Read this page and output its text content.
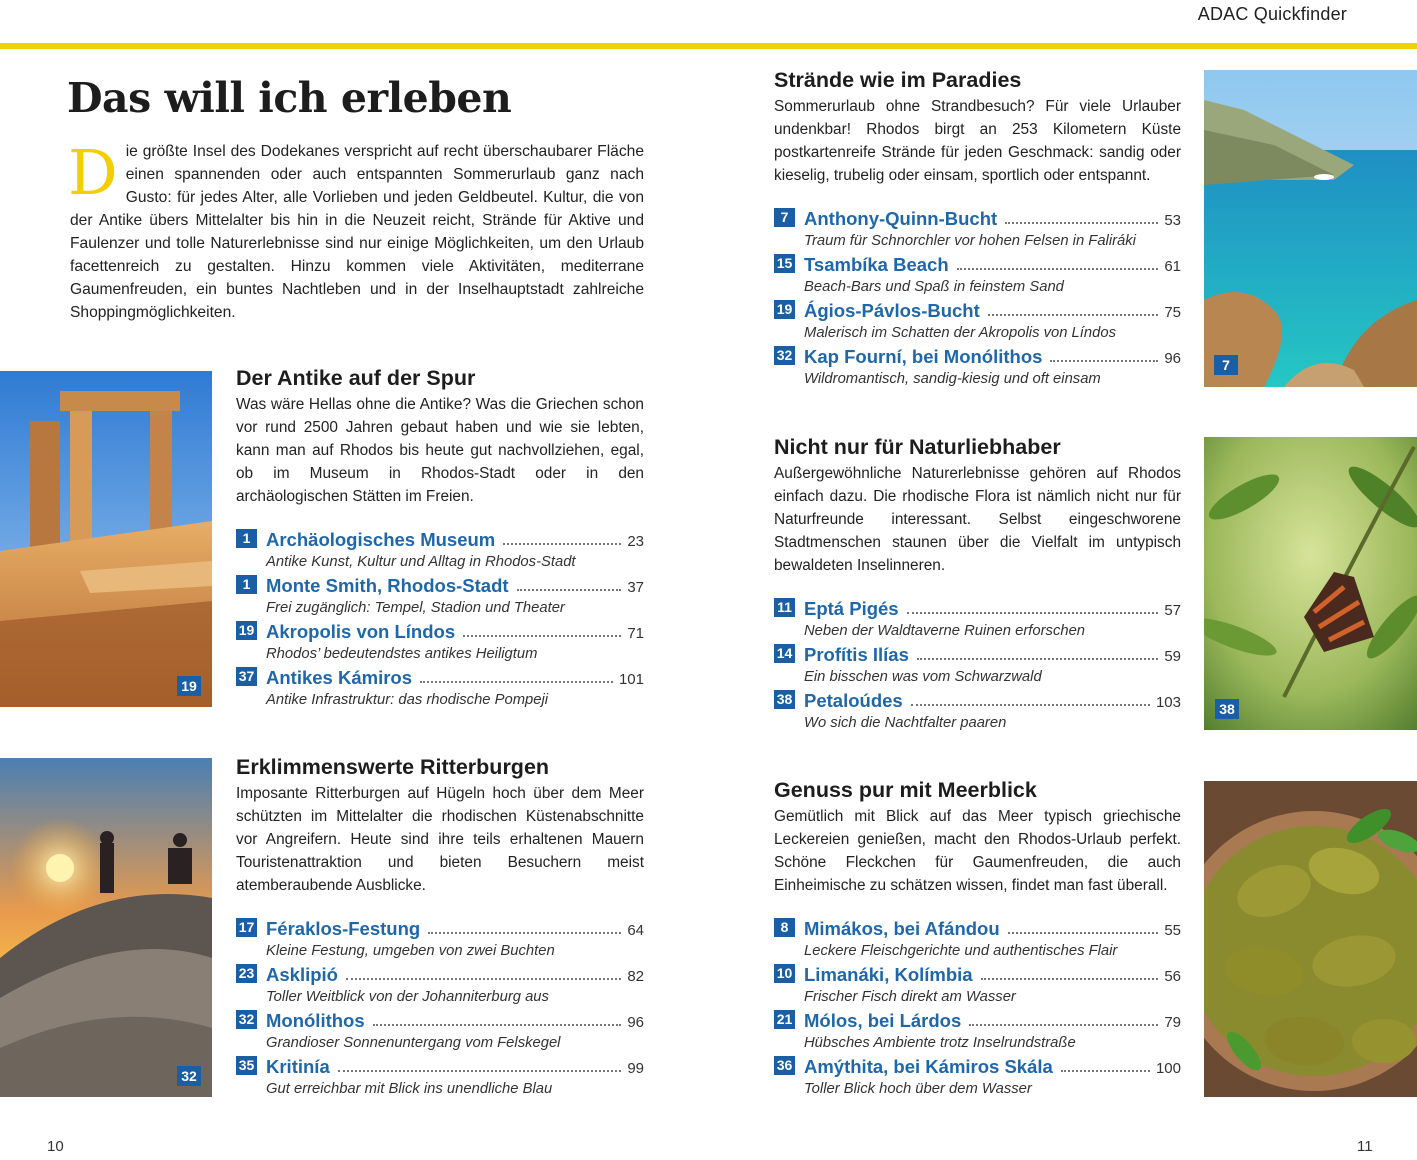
ADAC Quickfinder
Das will ich erleben
Die größte Insel des Dodekanes verspricht auf recht überschaubarer Fläche einen spannenden oder auch entspannten Sommerurlaub ganz nach Gusto: für jedes Alter, alle Vorlieben und jeden Geldbeutel. Kultur, die von der Antike übers Mittelalter bis hin in die Neuzeit reicht, Strände für Aktive und Faulenzer und tolle Naturerlebnisse sind nur einige Möglichkeiten, um den Urlaub facettenreich zu gestalten. Hinzu kommen viele Aktivitäten, mediterrane Gaumenfreuden, ein buntes Nachtleben und in der Inselhauptstadt zahlreiche Shoppingmöglichkeiten.
19
Der Antike auf der Spur
Was wäre Hellas ohne die Antike? Was die Griechen schon vor rund 2500 Jahren gebaut haben und wie sie lebten, kann man auf Rhodos bis heute gut nachvollziehen, egal, ob im Museum in Rhodos-Stadt oder in den archäologischen Stätten im Freien.
1 Archäologisches Museum	23
Antike Kunst, Kultur und Alltag in Rhodos-Stadt
1 Monte Smith, Rhodos-Stadt	37
Frei zugänglich: Tempel, Stadion und Theater
19 Akropolis von Líndos	71
Rhodos’ bedeutendstes antikes Heiligtum
37 Antikes Kámiros	101
Antike Infrastruktur: das rhodische Pompeji
32
Erklimmenswerte Ritterburgen
Imposante Ritterburgen auf Hügeln hoch über dem Meer schützten im Mittelalter die rhodischen Küstenabschnitte vor Angreifern. Heute sind ihre teils erhaltenen Mauern Touristenattraktion und bieten Besuchern meist atemberaubende Ausblicke.
17 Féraklos-Festung	64
Kleine Festung, umgeben von zwei Buchten
23 Asklipió	82
Toller Weitblick von der Johanniterburg aus
32 Monólithos	96
Grandioser Sonnenuntergang vom Felskegel
35 Kritinía	99
Gut erreichbar mit Blick ins unendliche Blau
Strände wie im Paradies
Sommerurlaub ohne Strandbesuch? Für viele Urlauber undenkbar! Rhodos birgt an 253 Kilometern Küste postkartenreife Strände für jeden Geschmack: sandig oder kieselig, trubelig oder einsam, sportlich oder entspannt.
7 Anthony-Quinn-Bucht	53
Traum für Schnorchler vor hohen Felsen in Faliráki
15 Tsambíka Beach	61
Beach-Bars und Spaß in feinstem Sand
19 Ágios-Pávlos-Bucht	75
Malerisch im Schatten der Akropolis von Líndos
32 Kap Fourní, bei Monólithos	96
Wildromantisch, sandig-kiesig und oft einsam
7
Nicht nur für Naturliebhaber
Außergewöhnliche Naturerlebnisse gehören auf Rhodos einfach dazu. Die rhodische Flora ist nämlich nicht nur für Naturfreunde interessant. Selbst eingeschworene Stadtmenschen staunen über die Vielfalt im untypisch bewaldeten Inselinneren.
11 Eptá Pigés	57
Neben der Waldtaverne Ruinen erforschen
14 Profítis Ilías	59
Ein bisschen was vom Schwarzwald
38 Petaloúdes	103
Wo sich die Nachtfalter paaren
38
Genuss pur mit Meerblick
Gemütlich mit Blick auf das Meer typisch griechische Leckereien genießen, macht den Rhodos-Urlaub perfekt. Schöne Fleckchen für Gaumenfreuden, die auch Einheimische zu schätzen wissen, findet man fast überall.
8 Mimákos, bei Afándou	55
Leckere Fleischgerichte und authentisches Flair
10 Limanáki, Kolímbia	56
Frischer Fisch direkt am Wasser
21 Mólos, bei Lárdos	79
Hübsches Ambiente trotz Inselrundstraße
36 Amýthita, bei Kámiros Skála	100
Toller Blick hoch über dem Wasser
10	11
